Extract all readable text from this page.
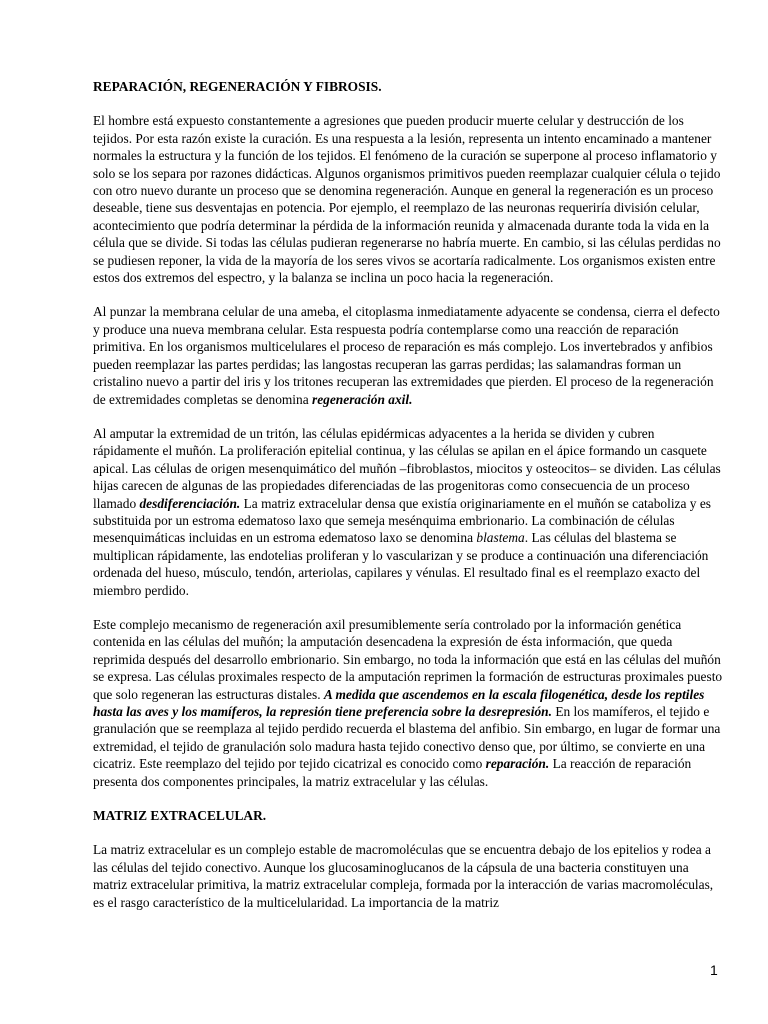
REPARACIÓN, REGENERACIÓN Y FIBROSIS.

El hombre está expuesto constantemente a agresiones que pueden producir muerte celular y destrucción de los tejidos. Por esta razón existe la curación. Es una respuesta a la lesión, representa un intento encaminado a mantener normales la estructura y la función de los tejidos. El fenómeno de la curación se superpone al proceso inflamatorio y solo se los separa por razones didácticas. Algunos organismos primitivos pueden reemplazar cualquier célula o tejido con otro nuevo durante un proceso que se denomina regeneración. Aunque en general la regeneración es un proceso deseable, tiene sus desventajas en potencia. Por ejemplo, el reemplazo de las neuronas requeriría división celular, acontecimiento que podría determinar la pérdida de la información reunida y almacenada durante toda la vida en la célula que se divide. Si todas las células pudieran regenerarse no habría muerte. En cambio, si las células perdidas no se pudiesen reponer, la vida de la mayoría de los seres vivos se acortaría radicalmente. Los organismos existen entre estos dos extremos del espectro, y la balanza se inclina un poco hacia la regeneración.

Al punzar la membrana celular de una ameba, el citoplasma inmediatamente adyacente se condensa, cierra el defecto y produce una nueva membrana celular. Esta respuesta podría contemplarse como una reacción de reparación primitiva. En los organismos multicelulares el proceso de reparación es más complejo. Los invertebrados y anfibios pueden reemplazar las partes perdidas; las langostas recuperan las garras perdidas; las salamandras forman un cristalino nuevo a partir del iris y los tritones recuperan las extremidades que pierden. El proceso de la regeneración de extremidades completas se denomina regeneración axil.

Al amputar la extremidad de un tritón, las células epidérmicas adyacentes a la herida se dividen y cubren rápidamente el muñón. La proliferación epitelial continua, y las células se apilan en el ápice formando un casquete apical. Las células de origen mesenquimático del muñón –fibroblastos, miocitos y osteocitos– se dividen. Las células hijas carecen de algunas de las propiedades diferenciadas de las progenitoras como consecuencia de un proceso llamado desdiferenciación. La matriz extracelular densa que existía originariamente en el muñón se cataboliza y es substituida por un estroma edematoso laxo que semeja mesénquima embrionario. La combinación de células mesenquimáticas incluidas en un estroma edematoso laxo se denomina blastema. Las células del blastema se multiplican rápidamente, las endotelias proliferan y lo vascularizan y se produce a continuación una diferenciación ordenada del hueso, músculo, tendón, arteriolas, capilares y vénulas. El resultado final es el reemplazo exacto del miembro perdido.

Este complejo mecanismo de regeneración axil presumiblemente sería controlado por la información genética contenida en las células del muñón; la amputación desencadena la expresión de ésta información, que queda reprimida después del desarrollo embrionario. Sin embargo, no toda la información que está en las células del muñón se expresa. Las células proximales respecto de la amputación reprimen la formación de estructuras proximales puesto que solo regeneran las estructuras distales. A medida que ascendemos en la escala filogenética, desde los reptiles hasta las aves y los mamíferos, la represión tiene preferencia sobre la desrepresión. En los mamíferos, el tejido e granulación que se reemplaza al tejido perdido recuerda el blastema del anfibio. Sin embargo, en lugar de formar una extremidad, el tejido de granulación solo madura hasta tejido conectivo denso que, por último, se convierte en una cicatriz. Este reemplazo del tejido por tejido cicatrizal es conocido como reparación. La reacción de reparación presenta dos componentes principales, la matriz extracelular y las células.

MATRIZ EXTRACELULAR.

La matriz extracelular es un complejo estable de macromoléculas que se encuentra debajo de los epitelios y rodea a las células del tejido conectivo. Aunque los glucosaminoglucanos de la cápsula de una bacteria constituyen una matriz extracelular primitiva, la matriz extracelular compleja, formada por la interacción de varias macromoléculas, es el rasgo característico de la multicelularidad. La importancia de la matriz

1
